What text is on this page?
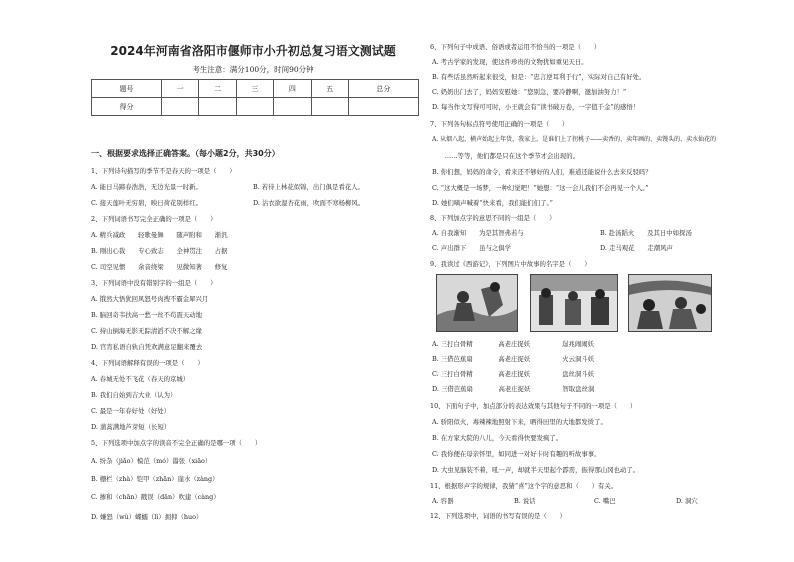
2024年河南省洛阳市偃师市小升初总复习语文测试题
考生注意：满分100分，时间90分钟
题号	一	二	三	四	五	总分
得分						
一、根据要求选择正确答案。（每小题2分，共30分）
1、下列诗句描写的季节不是春天的一项是（　　）
A. 能日马蹄春浩浩，无边光景一时新。	B. 若待上林花似锦，出门俱是看花人。
C. 接天莲叶无穷碧，映日荷花别样红。	D. 沾衣欲湿杏花雨，吹面不寒杨柳风。
2、下列词语书写完全正确的一项是（　　）
A. 精兵减政　　轻歌曼舞　　随声附和　　渐汎
B. 刚出心裁　　专心致志　　全神贯注　　占据
C. 司空见惯　　余音绕梁　　见微知著　　修复
3、下列词语中没有错别字的一组是（　　）
A. 饿然大悟犹回风怒号肉搜不霸金犀兴月
B. 脑回奇韦扶高一愁一丝不苟震天动地
C. 持山倒海无影无踪清滔不决不解之缘
D. 官宵私语自轨自凭欢满意足翻来覆去
4、下列词语解释有误的一项是（　　）
A. 春城无处不飞花（春天的京城）
B. 我们自始到吉大业（认为）
C. 最是一年春好处（好处）
D. 蒲蒿满地芦芽短（长短）
5、下列选项中加点字的读音不完全正确的是哪一项（　　）
A. 纷杂（jiǎo）模范（mó）嚣张（xiāo）
B. 栅栏（zhà）铠甲（zhān）崖水（zàng）
C. 掺和（chān）戳误（dān）吹建（càng）
D. 嫌怒（wù）蝶蠕（lì）拥抑（huo）
6、下列句子中成语、俗语或者运用不恰当的一项是（　　）
A. 考古学家的发现，使这件珍贵的文物犹如重见天日。
B. 有些话虽然听起来很受，但是：“忠言逆耳利于行”，实际对自己有好处。
C. 奶奶出门去了，妈妈安慰她：“您别急，要冷静啊，邀加油努力！”
D. 每当作文写得可可时，小王就会有“读书破万卷，一字值千金”的感悟！
7、下列各句标点符号使用正确的一项是（　　）
A. 从烟八起，横声始起上年货，我家上，是谁们上了拐桃子——卖香的、卖年画的、卖馒头的、卖水仙花的
　　……等等，他们都是只在这个季节才会出现的。
B. 你们想，妈妈的命令，看来还不够好的人们，难道还能说什么去来反驳吗？
C. “这大概是一场梦，一种幻觉吧！”她想：“这一会儿我们不会再见一个人。”
D. 她们嘀声喊着“快来看，我们能们们了。”
8、下列加点字的意思不同的一组是（　　）
A. 自我渐知　　为是其智弗若与	B. 赴汤蹈火　　及其日中如探汤
C. 声出群下　　虽与之俱学	D. 走马观花　　走潮风声
9、我读过《西游记》，下列图片中故事的名字是（　　）
A. 三打白骨精　　　　高老庄捉妖　　　　　逞兆闹闹妖
B. 三借芭蕉扇　　　　高老庄捉妖　　　　　火云洞斗妖
C. 三打白骨精　　　　高老庄捉妖　　　　　盘丝洞斗妖
D. 三借芭蕉扇　　　　高老庄捉妖　　　　　智取盘丝洞
10、下面句子中，加点部分的表达效果与其他句子不同的一项是（　　）
A. 骄阳似火，毒辣辣地照射下来，晒得田里的大地都发烫了。
B. 在方家大院的八儿，今天看得快要发疯了。
C. 我你便在母亲怀里，如同进一对好卡时有趣的听故事事。
D. 大虫见脑装不着，吼一声，却就半天里起个霹雳，振得那山冈也动了。
11、根据形声字的规律，我猜“喜”这个字的意思和（　　）有关。
A. 容器	B. 说话	C. 嘴巴	D. 洞穴
12、下列选项中，词语的书写有误的是（　　）
